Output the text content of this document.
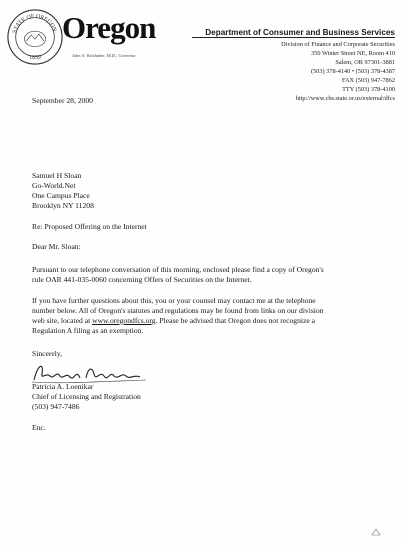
STATE OF OREGON
1859
Oregon
John A. Kitzhaber, M.D., Governor
Department of Consumer and Business Services
Division of Finance and Corporate Securities
350 Winter Street NE, Room 410
Salem, OR 97301-3881
(503) 378-4140 • (503) 378-4387
FAX (503) 947-7862
TTY (503) 378-4100
http://www.cbs.state.or.us/external/dfcs
September 28, 2000
Samuel H Sloan
Go-World.Net
One Campus Place
Brooklyn NY 11208
Re: Proposed Offering on the Internet
Dear Mr. Sloan:
Pursuant to our telephone conversation of this morning, enclosed please find a copy of Oregon's
rule OAR 441-035-0060 concerning Offers of Securities on the Internet.
If you have further questions about this, you or your counsel may contact me at the telephone
number below. All of Oregon's statutes and regulations may be found from links on our division
web site, located at www.oregondfcs.org. Please be advised that Oregon does not recognize a
Regulation A filing as an exemption.
Sincerely,
Patricia A. Loenikar
Chief of Licensing and Registration
(503) 947-7486
Enc.
